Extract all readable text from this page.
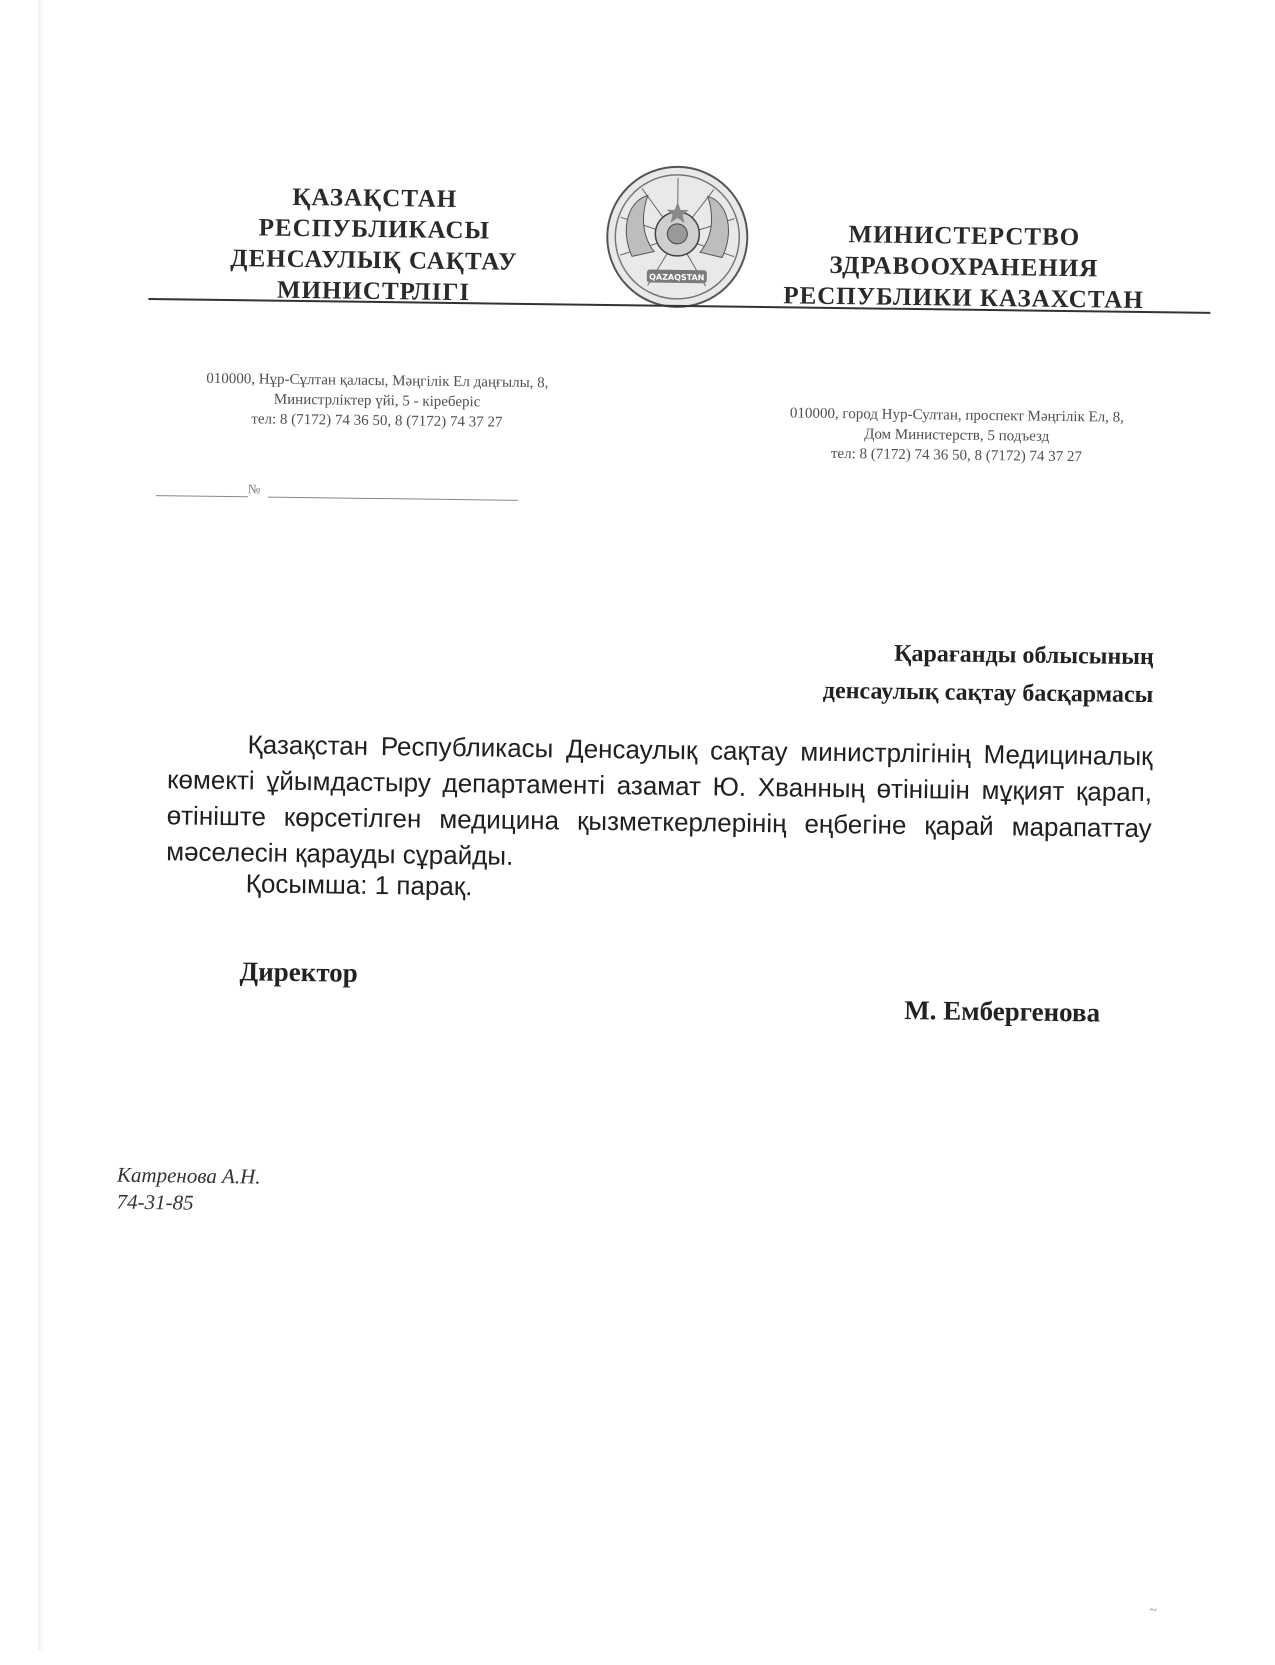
ҚАЗАҚСТАН РЕСПУБЛИКАСЫ
ДЕНСАУЛЫҚ САҚТАУ
МИНИСТРЛІГІ	QAZAQSTAN
МИНИСТЕРСТВО
ЗДРАВООХРАНЕНИЯ
РЕСПУБЛИКИ КАЗАХСТАН
010000, Нұр-Сұлтан қаласы, Мәңгілік Ел даңғылы, 8,
Министрліктер үйі, 5 - кіреберіс
тел: 8 (7172) 74 36 50, 8 (7172) 74 37 27	010000, город Нур-Султан, проспект Мәңгілік Ел, 8,
Дом Министерств, 5 подъезд
тел: 8 (7172) 74 36 50, 8 (7172) 74 37 27
№
Қарағанды облысының
денсаулық сақтау басқармасы

Қазақстан Республикасы Денсаулық сақтау министрлігінің Медициналық көмекті ұйымдастыру департаменті азамат Ю. Хванның өтінішін мұқият қарап, өтініште көрсетілген медицина қызметкерлерінің еңбегіне қарай марапаттау мәселесін қарауды сұрайды.

Қосымша: 1 парақ.
Директор
М. Ембергенова
Катренова А.Н.
74-31-85
~
